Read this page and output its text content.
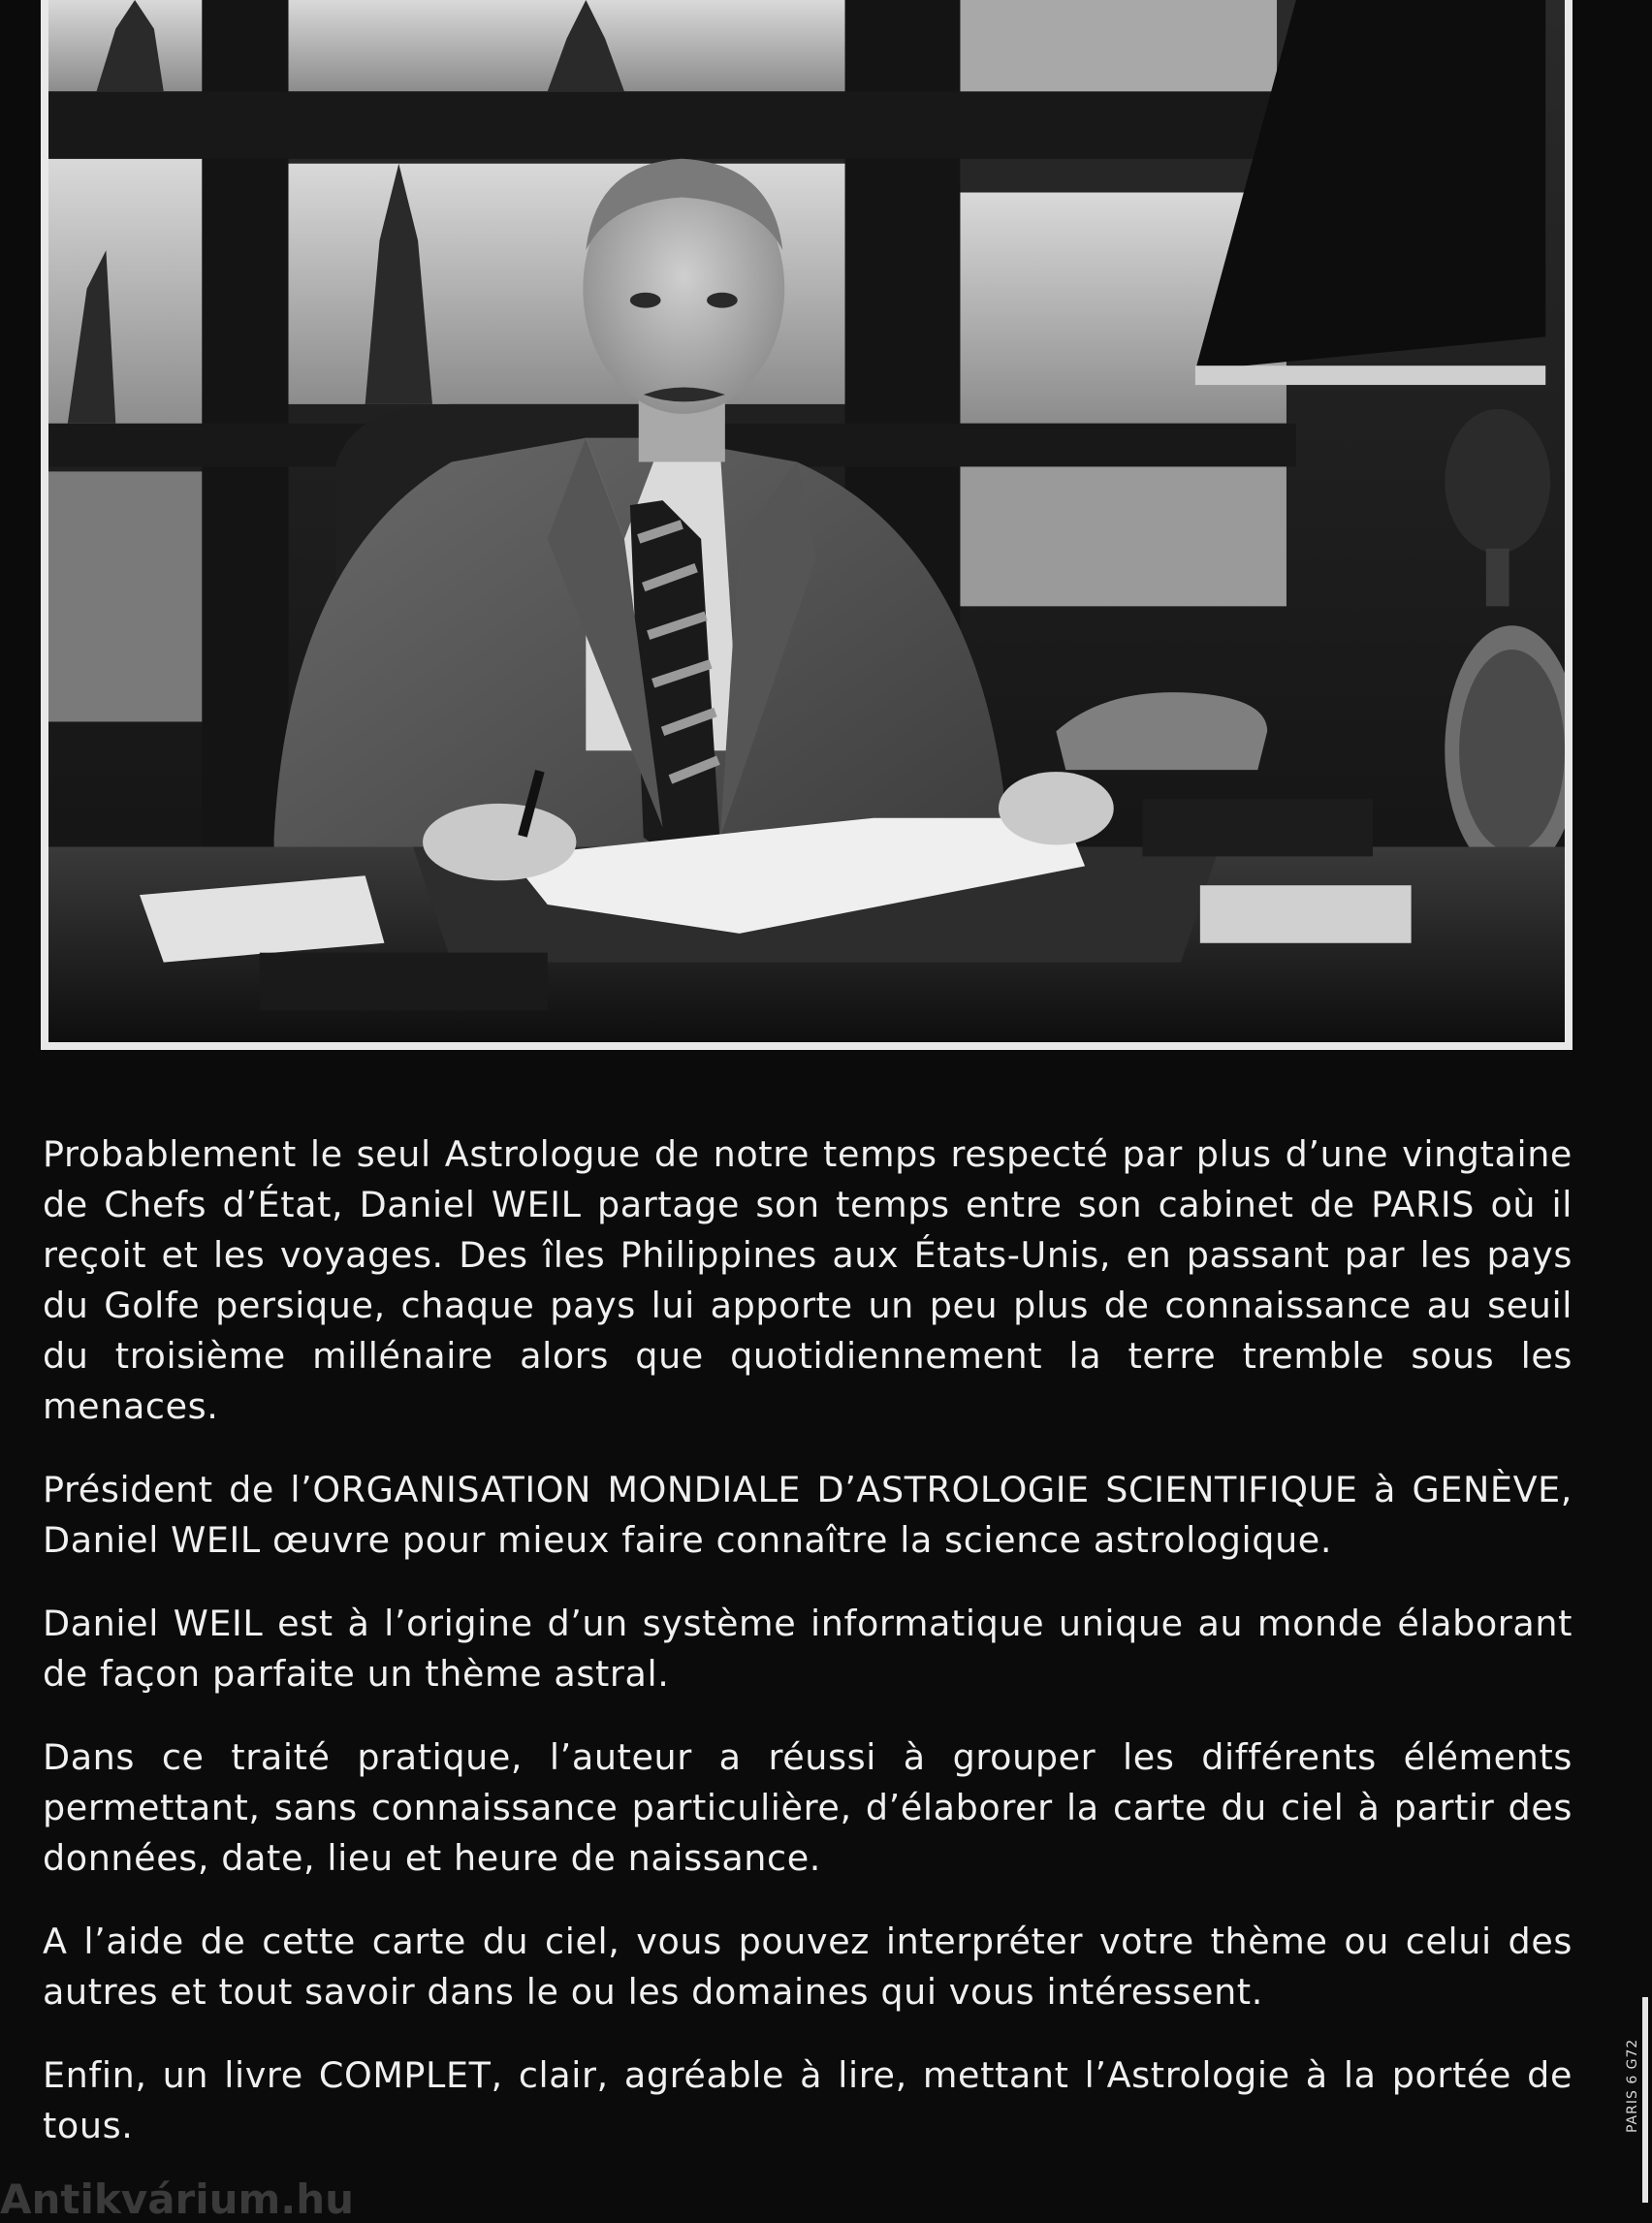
Probablement le seul Astrologue de notre temps respecté par plus d’une vingtaine de Chefs d’État, Daniel WEIL partage son temps entre son cabinet de PARIS où il reçoit et les voyages. Des îles Philippines aux États-Unis, en passant par les pays du Golfe persique, chaque pays lui apporte un peu plus de connaissance au seuil du troisième millénaire alors que quotidiennement la terre tremble sous les menaces.

Président de l’ORGANISATION MONDIALE D’ASTROLOGIE SCIENTIFIQUE à GENÈVE, Daniel WEIL œuvre pour mieux faire connaître la science astrologique.

Daniel WEIL est à l’origine d’un système informatique unique au monde élaborant de façon parfaite un thème astral.

Dans ce traité pratique, l’auteur a réussi à grouper les différents éléments permettant, sans connaissance particulière, d’élaborer la carte du ciel à partir des données, date, lieu et heure de naissance.

A l’aide de cette carte du ciel, vous pouvez interpréter votre thème ou celui des autres et tout savoir dans le ou les domaines qui vous intéressent.

Enfin, un livre COMPLET, clair, agréable à lire, mettant l’Astrologie à la portée de tous.	PARIS 6 G72
Antikvárium.hu
